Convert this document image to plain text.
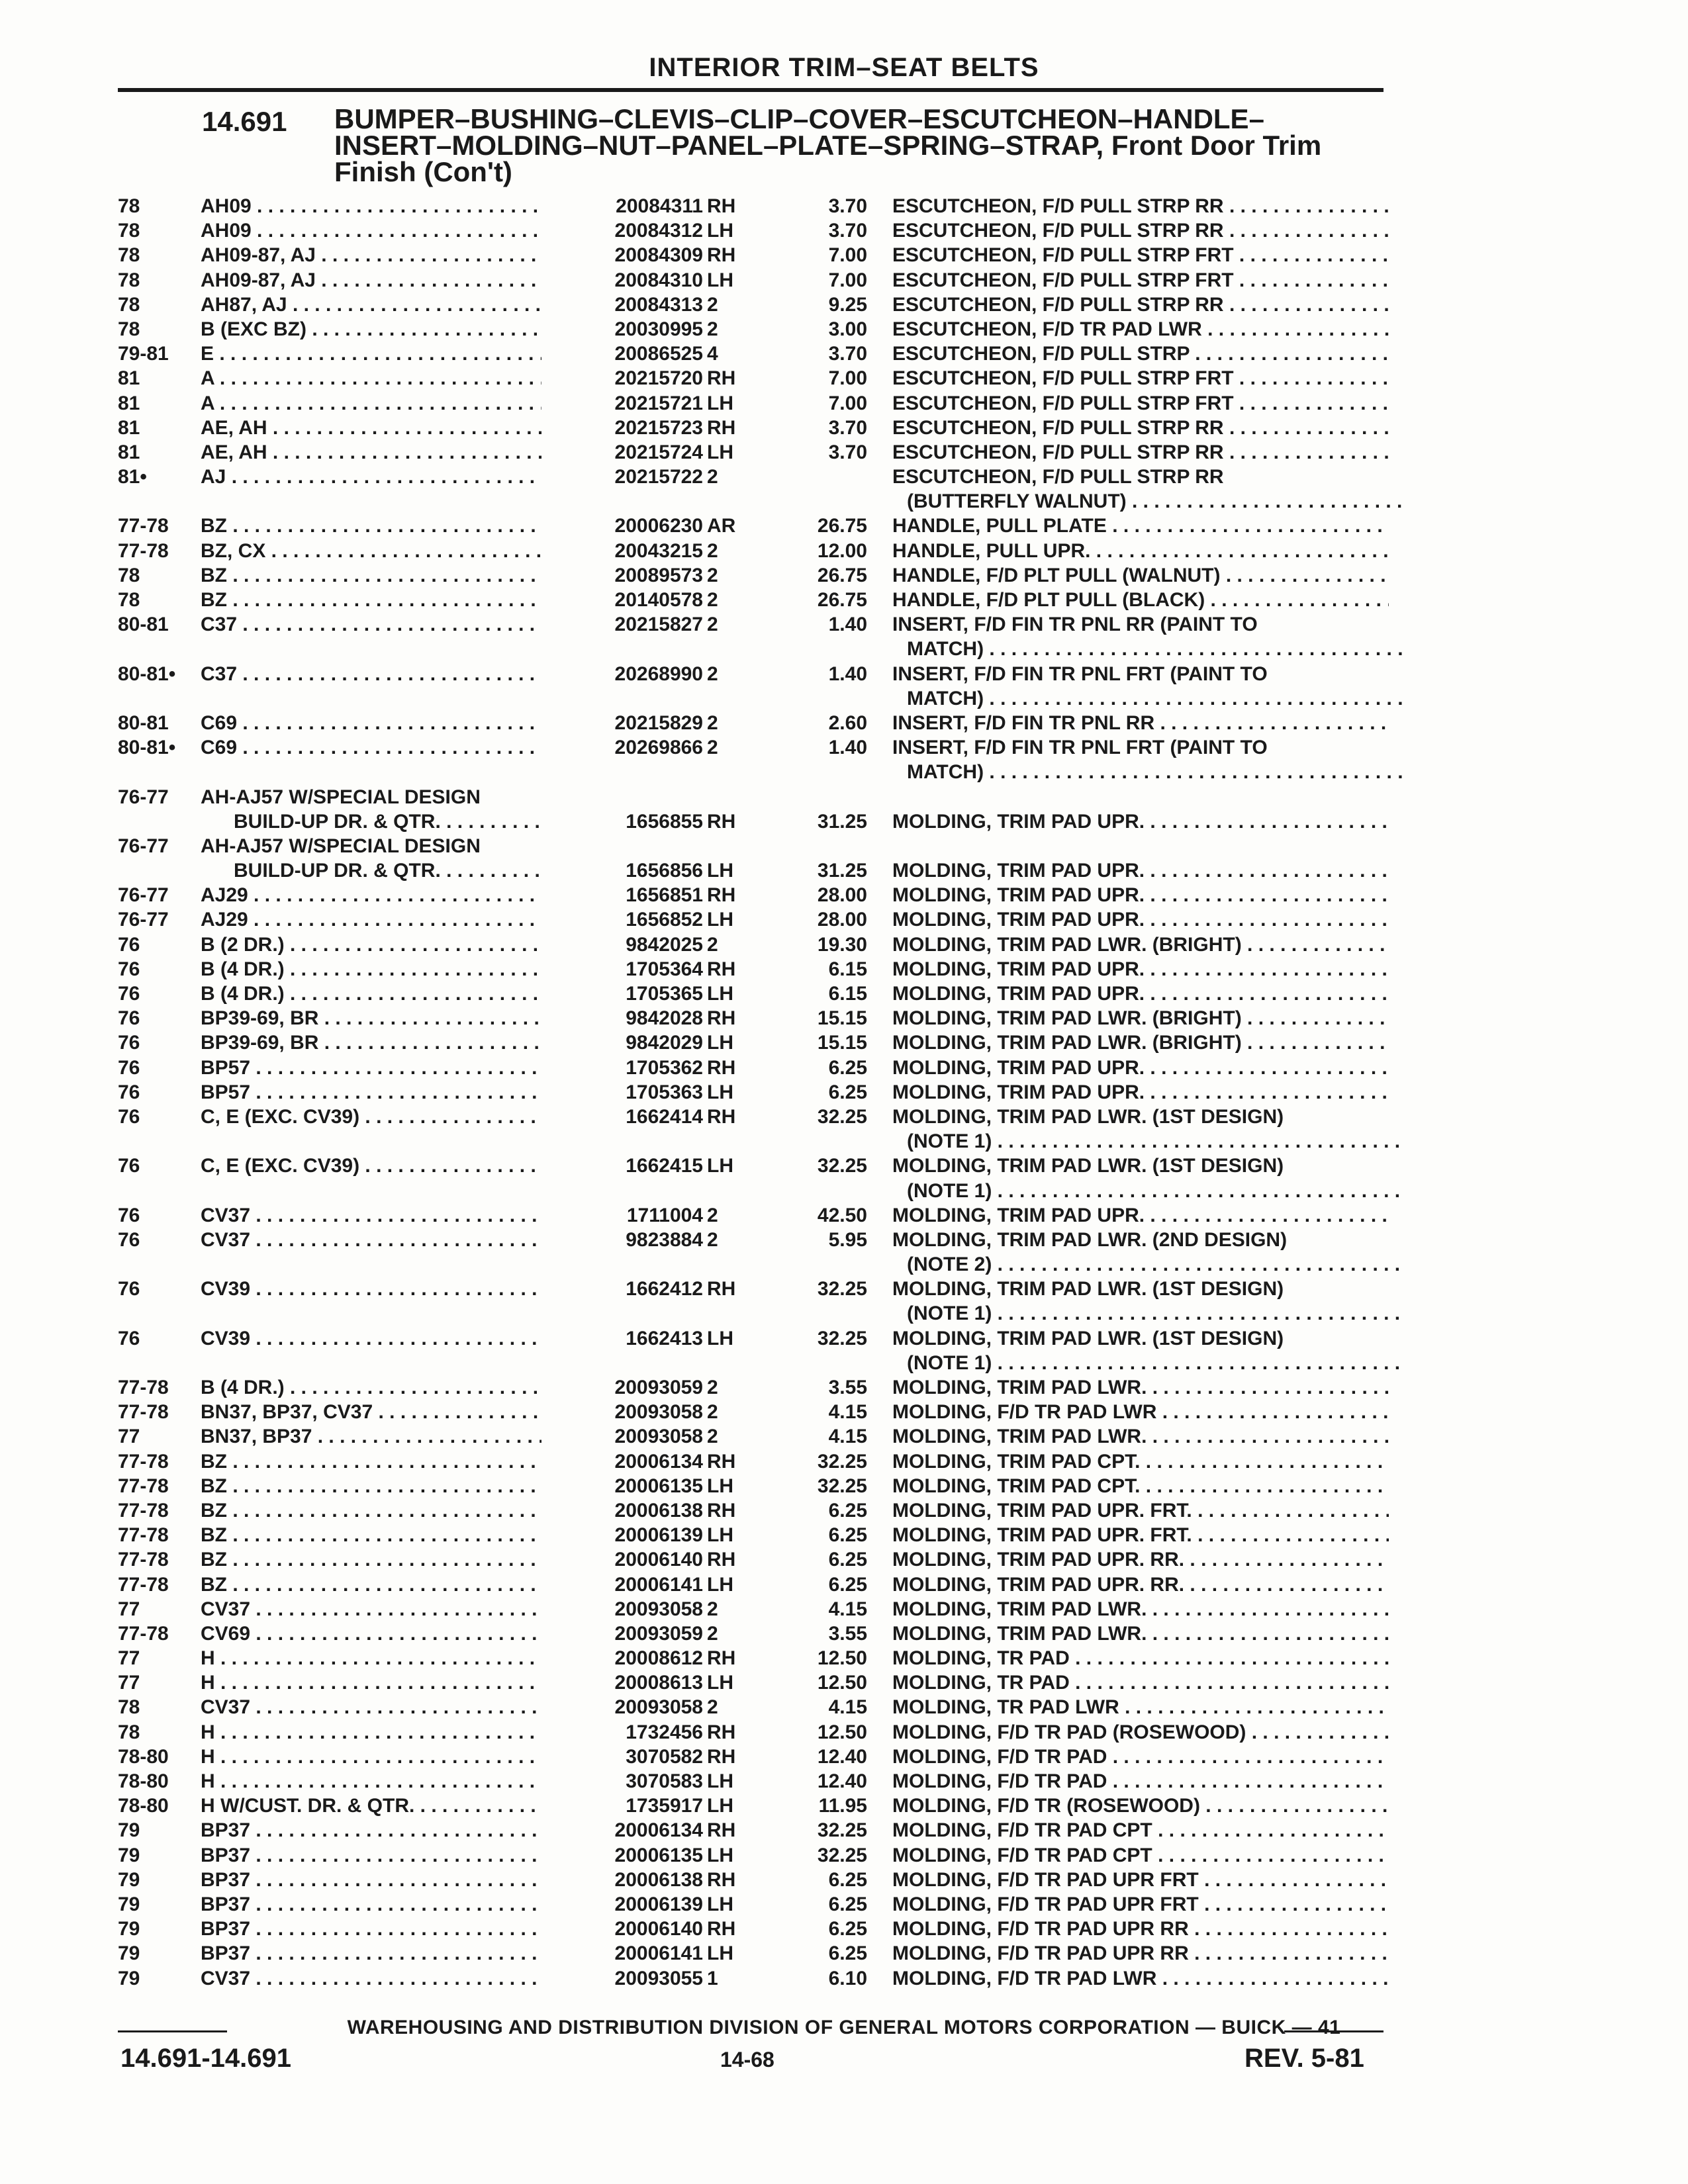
INTERIOR TRIM–SEAT BELTS
14.691 BUMPER–BUSHING–CLEVIS–CLIP–COVER–ESCUTCHEON–HANDLE– INSERT–MOLDING–NUT–PANEL–PLATE–SPRING–STRAP, Front Door Trim Finish (Con't)
78	AH09 . . .	20084311 RH	3.70 ESCUTCHEON, F/D PULL STRP RR . . .
78	AH09 . . .	20084312 LH	3.70 ESCUTCHEON, F/D PULL STRP RR . . .
78	AH09-87, AJ . . .	20084309 RH	7.00 ESCUTCHEON, F/D PULL STRP FRT . . .
78	AH09-87, AJ . . .	20084310 LH	7.00 ESCUTCHEON, F/D PULL STRP FRT . . .
78	AH87, AJ . . .	20084313 2	9.25 ESCUTCHEON, F/D PULL STRP RR . . .
78	B (EXC BZ) . . .	20030995 2	3.00 ESCUTCHEON, F/D TR PAD LWR . . .
79-81	E . . .	20086525 4	3.70 ESCUTCHEON, F/D PULL STRP . . .
81	A . . .	20215720 RH	7.00 ESCUTCHEON, F/D PULL STRP FRT . . .
81	A . . .	20215721 LH	7.00 ESCUTCHEON, F/D PULL STRP FRT . . .
81	AE, AH . . .	20215723 RH	3.70 ESCUTCHEON, F/D PULL STRP RR . . .
81	AE, AH . . .	20215724 LH	3.70 ESCUTCHEON, F/D PULL STRP RR . . .
81•	AJ . . .	20215722 2	ESCUTCHEON, F/D PULL STRP RR
(BUTTERFLY WALNUT) . . .
77-78	BZ . . .	20006230 AR	26.75 HANDLE, PULL PLATE . . .
77-78	BZ, CX . . .	20043215 2	12.00 HANDLE, PULL UPR. . . .
78	BZ . . .	20089573 2	26.75 HANDLE, F/D PLT PULL (WALNUT) . . .
78	BZ . . .	20140578 2	26.75 HANDLE, F/D PLT PULL (BLACK) . . .
80-81	C37 . . .	20215827 2	1.40 INSERT, F/D FIN TR PNL RR (PAINT TO
MATCH) . . .
80-81•	C37 . . .	20268990 2	1.40 INSERT, F/D FIN TR PNL FRT (PAINT TO
MATCH) . . .
80-81	C69 . . .	20215829 2	2.60 INSERT, F/D FIN TR PNL RR . . .
80-81•	C69 . . .	20269866 2	1.40 INSERT, F/D FIN TR PNL FRT (PAINT TO
MATCH) . . .
76-77	AH-AJ57 W/SPECIAL DESIGN
BUILD-UP DR. & QTR. . . .	1656855 RH	31.25 MOLDING, TRIM PAD UPR. . . .
76-77	AH-AJ57 W/SPECIAL DESIGN
BUILD-UP DR. & QTR. . . .	1656856 LH	31.25 MOLDING, TRIM PAD UPR. . . .
76-77	AJ29 . . .	1656851 RH	28.00 MOLDING, TRIM PAD UPR. . . .
76-77	AJ29 . . .	1656852 LH	28.00 MOLDING, TRIM PAD UPR. . . .
76	B (2 DR.) . . .	9842025 2	19.30 MOLDING, TRIM PAD LWR. (BRIGHT) . . .
76	B (4 DR.) . . .	1705364 RH	6.15 MOLDING, TRIM PAD UPR. . . .
76	B (4 DR.) . . .	1705365 LH	6.15 MOLDING, TRIM PAD UPR. . . .
76	BP39-69, BR . . .	9842028 RH	15.15 MOLDING, TRIM PAD LWR. (BRIGHT) . . .
76	BP39-69, BR . . .	9842029 LH	15.15 MOLDING, TRIM PAD LWR. (BRIGHT) . . .
76	BP57 . . .	1705362 RH	6.25 MOLDING, TRIM PAD UPR. . . .
76	BP57 . . .	1705363 LH	6.25 MOLDING, TRIM PAD UPR. . . .
76	C, E (EXC. CV39) . . .	1662414 RH	32.25 MOLDING, TRIM PAD LWR. (1ST DESIGN)
(NOTE 1) . . .
76	C, E (EXC. CV39) . . .	1662415 LH	32.25 MOLDING, TRIM PAD LWR. (1ST DESIGN)
(NOTE 1) . . .
76	CV37 . . .	1711004 2	42.50 MOLDING, TRIM PAD UPR. . . .
76	CV37 . . .	9823884 2	5.95 MOLDING, TRIM PAD LWR. (2ND DESIGN)
(NOTE 2) . . .
76	CV39 . . .	1662412 RH	32.25 MOLDING, TRIM PAD LWR. (1ST DESIGN)
(NOTE 1) . . .
76	CV39 . . .	1662413 LH	32.25 MOLDING, TRIM PAD LWR. (1ST DESIGN)
(NOTE 1) . . .
77-78	B (4 DR.) . . .	20093059 2	3.55 MOLDING, TRIM PAD LWR. . . .
77-78	BN37, BP37, CV37 . . .	20093058 2	4.15 MOLDING, F/D TR PAD LWR . . .
77	BN37, BP37 . . .	20093058 2	4.15 MOLDING, TRIM PAD LWR. . . .
77-78	BZ . . .	20006134 RH	32.25 MOLDING, TRIM PAD CPT. . . .
77-78	BZ . . .	20006135 LH	32.25 MOLDING, TRIM PAD CPT. . . .
77-78	BZ . . .	20006138 RH	6.25 MOLDING, TRIM PAD UPR. FRT. . . .
77-78	BZ . . .	20006139 LH	6.25 MOLDING, TRIM PAD UPR. FRT. . . .
77-78	BZ . . .	20006140 RH	6.25 MOLDING, TRIM PAD UPR. RR. . . .
77-78	BZ . . .	20006141 LH	6.25 MOLDING, TRIM PAD UPR. RR. . . .
77	CV37 . . .	20093058 2	4.15 MOLDING, TRIM PAD LWR. . . .
77-78	CV69 . . .	20093059 2	3.55 MOLDING, TRIM PAD LWR. . . .
77	H . . .	20008612 RH	12.50 MOLDING, TR PAD . . .
77	H . . .	20008613 LH	12.50 MOLDING, TR PAD . . .
78	CV37 . . .	20093058 2	4.15 MOLDING, TR PAD LWR . . .
78	H . . .	1732456 RH	12.50 MOLDING, F/D TR PAD (ROSEWOOD) . . .
78-80	H . . .	3070582 RH	12.40 MOLDING, F/D TR PAD . . .
78-80	H . . .	3070583 LH	12.40 MOLDING, F/D TR PAD . . .
78-80	H W/CUST. DR. & QTR. . . .	1735917 LH	11.95 MOLDING, F/D TR (ROSEWOOD) . . .
79	BP37 . . .	20006134 RH	32.25 MOLDING, F/D TR PAD CPT . . .
79	BP37 . . .	20006135 LH	32.25 MOLDING, F/D TR PAD CPT . . .
79	BP37 . . .	20006138 RH	6.25 MOLDING, F/D TR PAD UPR FRT . . .
79	BP37 . . .	20006139 LH	6.25 MOLDING, F/D TR PAD UPR FRT . . .
79	BP37 . . .	20006140 RH	6.25 MOLDING, F/D TR PAD UPR RR . . .
79	BP37 . . .	20006141 LH	6.25 MOLDING, F/D TR PAD UPR RR . . .
79	CV37 . . .	20093055 1	6.10 MOLDING, F/D TR PAD LWR . . .
WAREHOUSING AND DISTRIBUTION DIVISION OF GENERAL MOTORS CORPORATION — BUICK — 41
14.691-14.691	14-68	REV. 5-81
